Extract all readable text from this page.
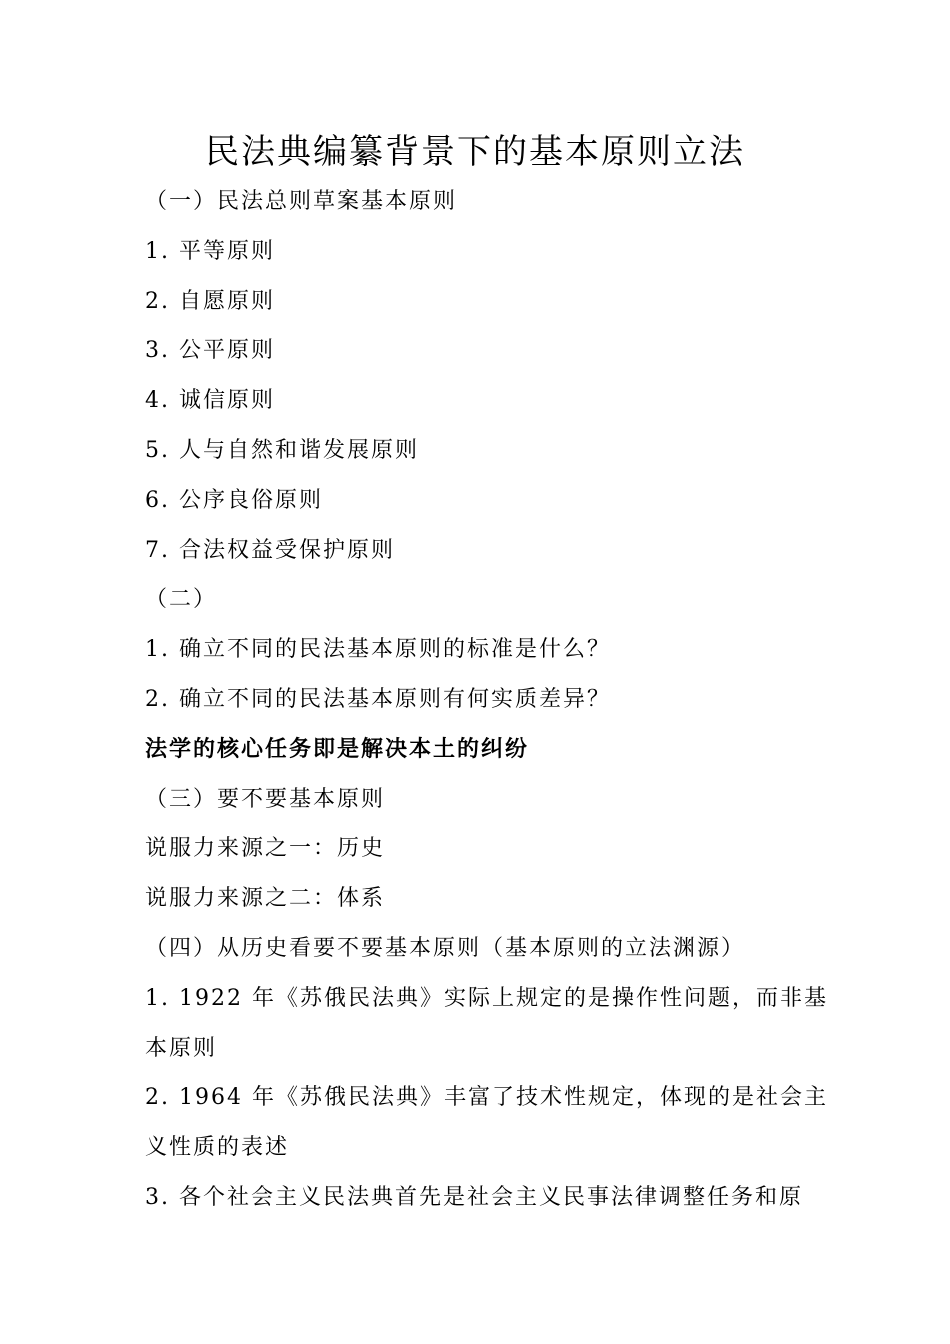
民法典编纂背景下的基本原则立法
（一）民法总则草案基本原则
1. 平等原则
2. 自愿原则
3. 公平原则
4. 诚信原则
5. 人与自然和谐发展原则
6. 公序良俗原则
7. 合法权益受保护原则
（二）
1. 确立不同的民法基本原则的标准是什么？
2. 确立不同的民法基本原则有何实质差异？
法学的核心任务即是解决本土的纠纷
（三）要不要基本原则
说服力来源之一：历史
说服力来源之二：体系
（四）从历史看要不要基本原则（基本原则的立法渊源）
1. 1922 年《苏俄民法典》实际上规定的是操作性问题，而非基
本原则
2. 1964 年《苏俄民法典》丰富了技术性规定，体现的是社会主
义性质的表述
3. 各个社会主义民法典首先是社会主义民事法律调整任务和原
